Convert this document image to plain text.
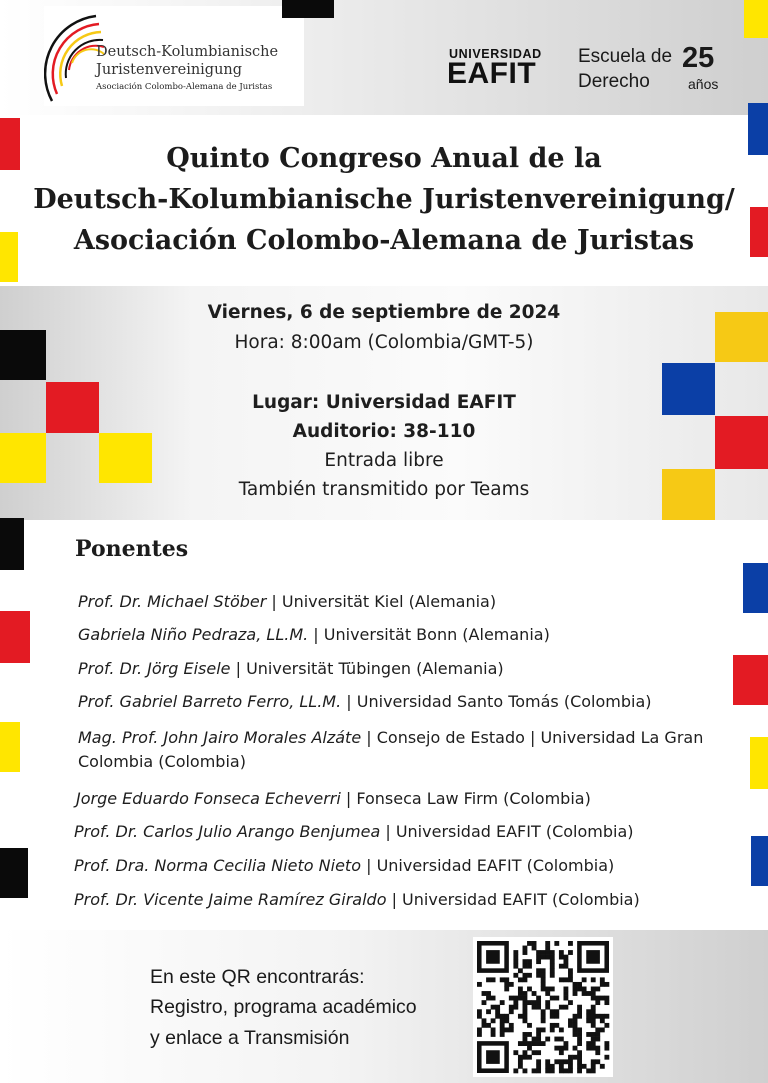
Deutsch-Kolumbianische
Juristenvereinigung
Asociación Colombo-Alemana de Juristas
UNIVERSIDAD
EAFIT
Escuela de
Derecho
25
años
Quinto Congreso Anual de la
Deutsch-Kolumbianische Juristenvereinigung/
Asociación Colombo-Alemana de Juristas
Viernes, 6 de septiembre de 2024
Hora: 8:00am (Colombia/GMT-5)
Lugar: Universidad EAFIT
Auditorio: 38-110
Entrada libre
También transmitido por Teams
Ponentes
Prof. Dr. Michael Stöber | Universität Kiel (Alemania)
Gabriela Niño Pedraza, LL.M. | Universität Bonn (Alemania)
Prof. Dr. Jörg Eisele | Universität Tübingen (Alemania)
Prof. Gabriel Barreto Ferro, LL.M. | Universidad Santo Tomás (Colombia)
Mag. Prof. John Jairo Morales Alzáte | Consejo de Estado | Universidad La Gran Colombia (Colombia)
Jorge Eduardo Fonseca Echeverri | Fonseca Law Firm (Colombia)
Prof. Dr. Carlos Julio Arango Benjumea | Universidad EAFIT (Colombia)
Prof. Dra. Norma Cecilia Nieto Nieto | Universidad EAFIT (Colombia)
Prof. Dr. Vicente Jaime Ramírez Giraldo | Universidad EAFIT (Colombia)
En este QR encontrarás:
Registro, programa académico
y enlace a Transmisión
